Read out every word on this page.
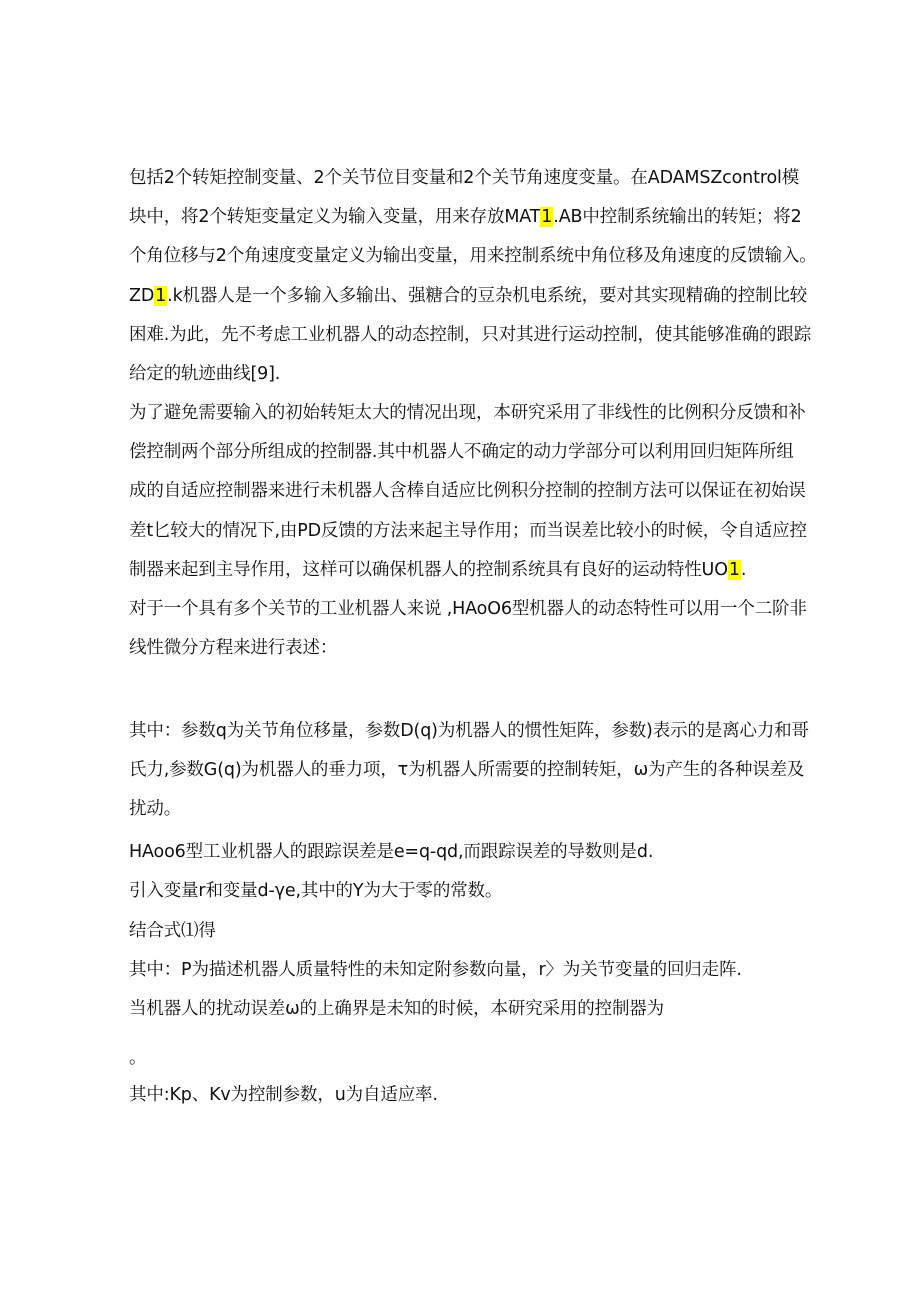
包括2个转矩控制变量、2个关节位目变量和2个关节角速度变量。在ADAMSZcontrol模

块中，将2个转矩变量定义为输入变量，用来存放MAT1.AB中控制系统输出的转矩；将2

个角位移与2个角速度变量定义为输出变量，用来控制系统中角位移及角速度的反馈输入。

ZD1.k机器人是一个多输入多输出、强糖合的豆杂机电系统，要对其实现精确的控制比较

困难.为此，先不考虑工业机器人的动态控制，只对其进行运动控制，使其能够准确的跟踪

给定的轨迹曲线[9].

为了避免需要输入的初始转矩太大的情况出现，本研究采用了非线性的比例积分反馈和补

偿控制两个部分所组成的控制器.其中机器人不确定的动力学部分可以利用回归矩阵所组

成的自适应控制器来进行未机器人含棒自适应比例积分控制的控制方法可以保证在初始误

差t匕较大的情况下,由PD反馈的方法来起主导作用；而当误差比较小的时候，令自适应控

制器来起到主导作用，这样可以确保机器人的控制系统具有良好的运动特性UO1.

对于一个具有多个关节的工业机器人来说 ,HAoO6型机器人的动态特性可以用一个二阶非

线性微分方程来进行表述：

其中：参数q为关节角位移量，参数D(q)为机器人的惯性矩阵，参数)表示的是离心力和哥

氏力,参数G(q)为机器人的垂力项，τ为机器人所需要的控制转矩，ω为产生的各种误差及

扰动。

HAoo6型工业机器人的跟踪误差是e=q-qd,而跟踪误差的导数则是d.

引入变量r和变量d-γe,其中的Y为大于零的常数。

结合式⑴得

其中：P为描述机器人质量特性的未知定附参数向量，r〉为关节变量的回归走阵.

当机器人的扰动误差ω的上确界是未知的时候，本研究采用的控制器为

。

其中:Kp、Kv为控制参数，u为自适应率.
